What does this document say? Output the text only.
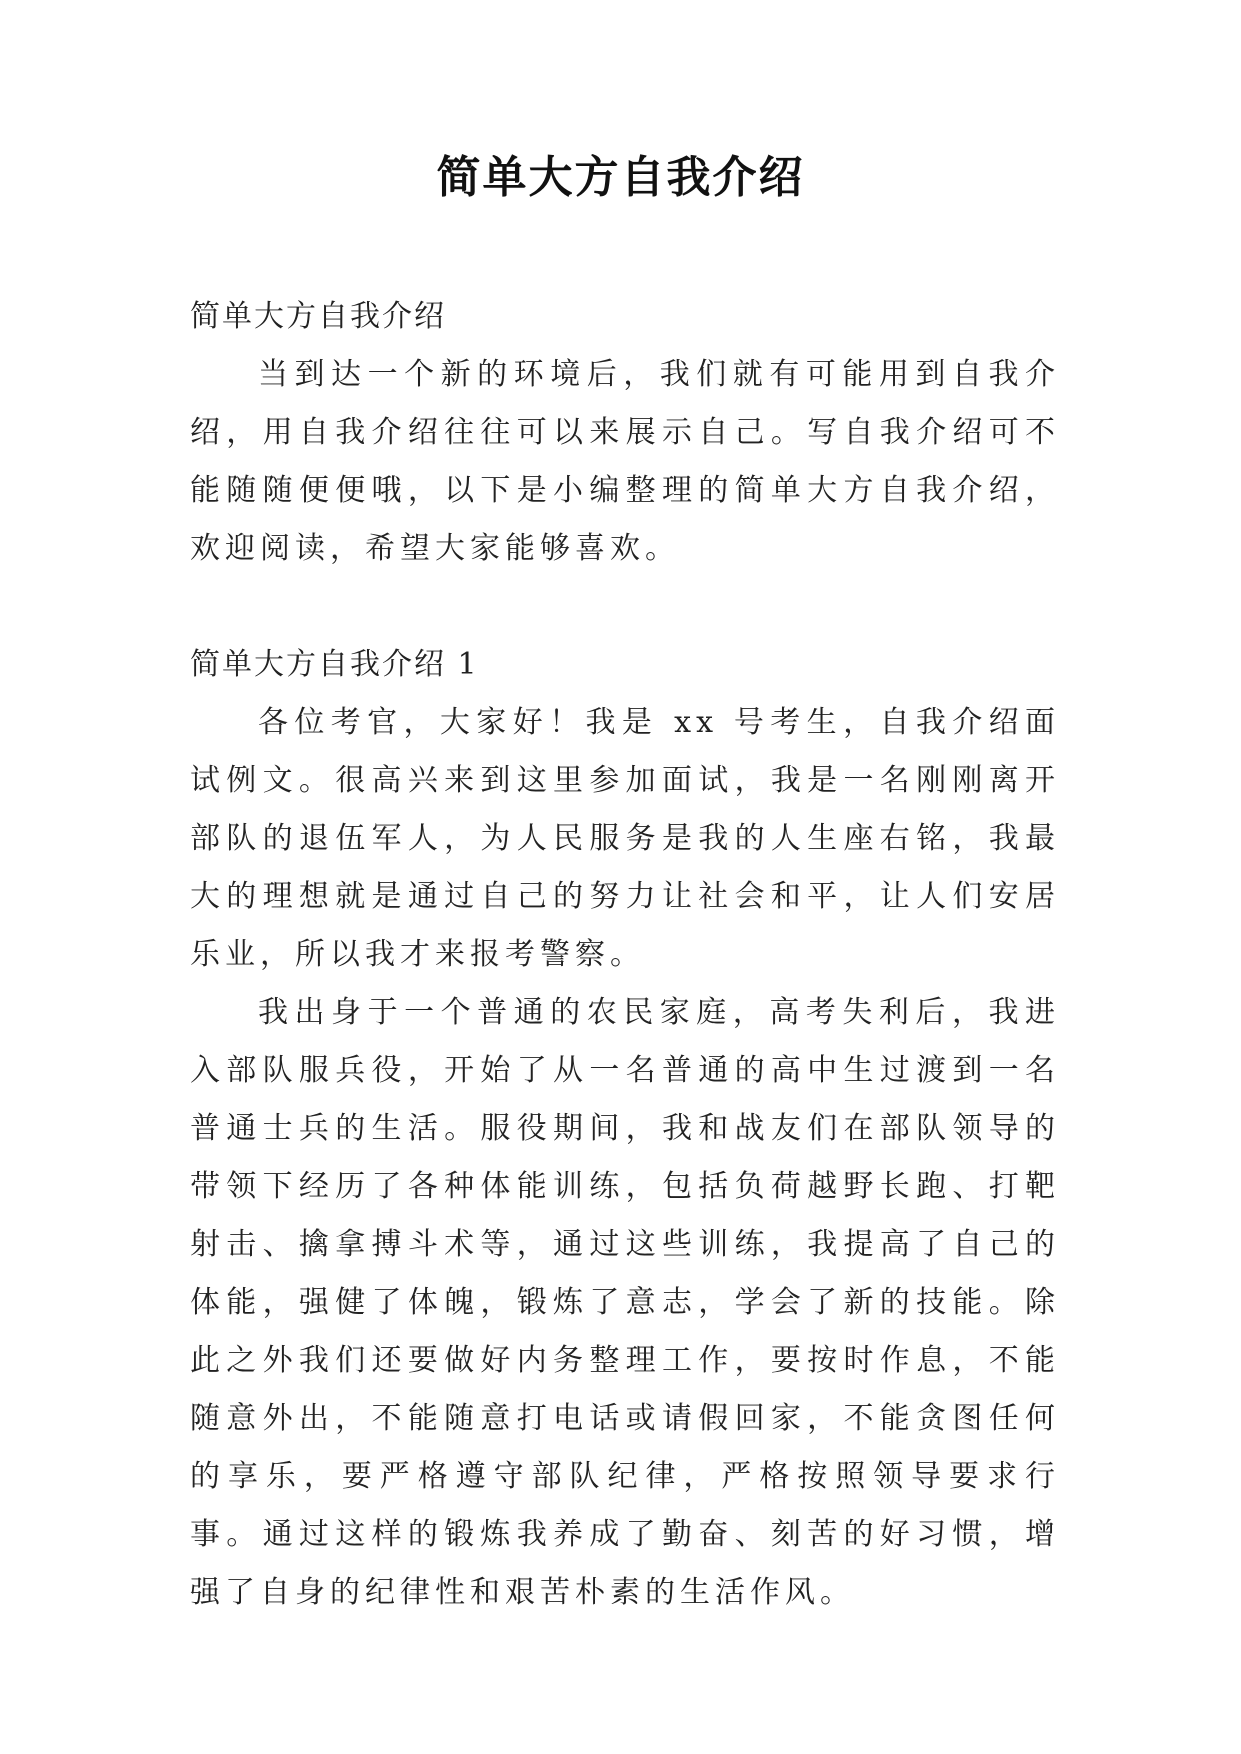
简单大方自我介绍

简单大方自我介绍

当到达一个新的环境后，我们就有可能用到自我介绍，用自我介绍往往可以来展示自己。写自我介绍可不能随随便便哦，以下是小编整理的简单大方自我介绍，欢迎阅读，希望大家能够喜欢。

简单大方自我介绍 1

各位考官，大家好！我是 xx 号考生，自我介绍面试例文。很高兴来到这里参加面试，我是一名刚刚离开部队的退伍军人，为人民服务是我的人生座右铭，我最大的理想就是通过自己的努力让社会和平，让人们安居乐业，所以我才来报考警察。

我出身于一个普通的农民家庭，高考失利后，我进入部队服兵役，开始了从一名普通的高中生过渡到一名普通士兵的生活。服役期间，我和战友们在部队领导的带领下经历了各种体能训练，包括负荷越野长跑、打靶射击、擒拿搏斗术等，通过这些训练，我提高了自己的体能，强健了体魄，锻炼了意志，学会了新的技能。除此之外我们还要做好内务整理工作，要按时作息，不能随意外出，不能随意打电话或请假回家，不能贪图任何的享乐，要严格遵守部队纪律，严格按照领导要求行事。通过这样的锻炼我养成了勤奋、刻苦的好习惯，增强了自身的纪律性和艰苦朴素的生活作风。
